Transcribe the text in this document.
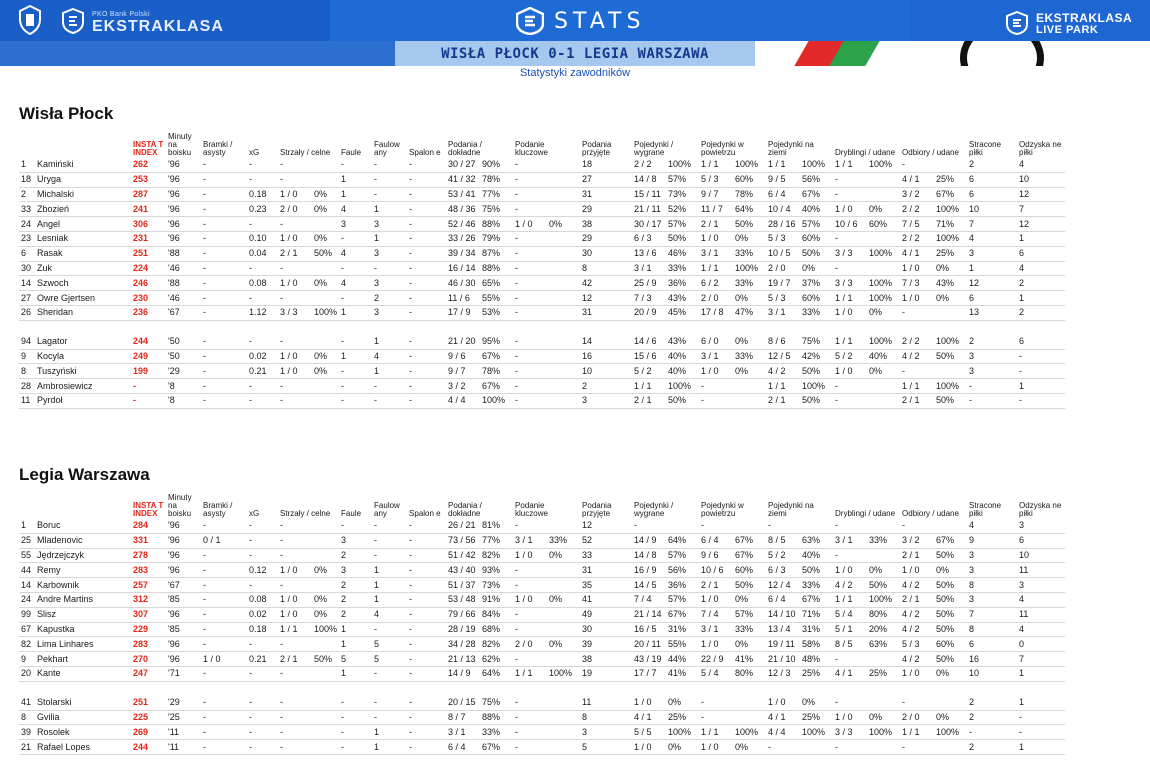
PKO Bank Polski
EKSTRAKLASA	STATS	EKSTRAKLASA
LIVE PARK
WISŁA PŁOCK 0-1 LEGIA WARSZAWA
Statystyki zawodników
Wisła Płock
		INSTA T INDEX	Minuty na boisku	Bramki / asysty	xG	Strzały / celne	Faule	Faulow any	Spalon e	Podania / dokładne	Podanie kluczowe	Podania przyjęte	Pojedynki / wygrane	Pojedynki w powietrzu	Pojedynki na ziemi	Dryblingi / udane	Odbiory / udane	Stracone piłki	Odzyska ne piłki
1	Kamiński	262	'96	-	-	-	-	-	-	30 / 27 90%	-	18	2 / 2 100%	1 / 1 100%	1 / 1 100%	1 / 1 100%	-	2	4
18	Uryga	253	'96	-	-	-	1	-	-	41 / 32 78%	-	27	14 / 8 57%	5 / 3 60%	9 / 5 56%	-	4 / 1 25%	6	10
2	Michalski	287	'96	-	0.18	1 / 0 0%	1	-	-	53 / 41 77%	-	31	15 / 11 73%	9 / 7 78%	6 / 4 67%	-	3 / 2 67%	6	12
33	Zbozień	241	'96	-	0.23	2 / 0 0%	4	1	-	48 / 36 75%	-	29	21 / 11 52%	11 / 7 64%	10 / 4 40%	1 / 0 0%	2 / 2 100%	10	7
24	Angel	306	'96	-	-	-	3	3	-	52 / 46 88%	1 / 0 0%	38	30 / 17 57%	2 / 1 50%	28 / 16 57%	10 / 6 60%	7 / 5 71%	7	12
23	Lesniak	231	'96	-	0.10	1 / 0 0%	-	1	-	33 / 26 79%	-	29	6 / 3 50%	1 / 0 0%	5 / 3 60%	-	2 / 2 100%	4	1
6	Rasak	251	'88	-	0.04	2 / 1 50%	4	3	-	39 / 34 87%	-	30	13 / 6 46%	3 / 1 33%	10 / 5 50%	3 / 3 100%	4 / 1 25%	3	6
30	Zuk	224	'46	-	-	-	-	-	-	16 / 14 88%	-	8	3 / 1 33%	1 / 1 100%	2 / 0 0%	-	1 / 0 0%	1	4
14	Szwoch	246	'88	-	0.08	1 / 0 0%	4	3	-	46 / 30 65%	-	42	25 / 9 36%	6 / 2 33%	19 / 7 37%	3 / 3 100%	7 / 3 43%	12	2
27	Owre Gjertsen	230	'46	-	-	-	-	2	-	11 / 6 55%	-	12	7 / 3 43%	2 / 0 0%	5 / 3 60%	1 / 1 100%	1 / 0 0%	6	1
26	Sheridan	236	'67	-	1.12	3 / 3 100%	1	3	-	17 / 9 53%	-	31	20 / 9 45%	17 / 8 47%	3 / 1 33%	1 / 0 0%	-	13	2

94	Lagator	244	'50	-	-	-	-	1	-	21 / 20 95%	-	14	14 / 6 43%	6 / 0 0%	8 / 6 75%	1 / 1 100%	2 / 2 100%	2	6
9	Kocyla	249	'50	-	0.02	1 / 0 0%	1	4	-	9 / 6 67%	-	16	15 / 6 40%	3 / 1 33%	12 / 5 42%	5 / 2 40%	4 / 2 50%	3	-
8	Tuszyński	199	'29	-	0.21	1 / 0 0%	-	1	-	9 / 7 78%	-	10	5 / 2 40%	1 / 0 0%	4 / 2 50%	1 / 0 0%	-	3	-
28	Ambrosiewicz	-	'8	-	-	-	-	-	-	3 / 2 67%	-	2	1 / 1 100%	-	1 / 1 100%	-	1 / 1 100%	-	1
11	Pyrdoł	-	'8	-	-	-	-	-	-	4 / 4 100%	-	3	2 / 1 50%	-	2 / 1 50%	-	2 / 1 50%	-	-
Legia Warszawa
		INSTA T INDEX	Minuty na boisku	Bramki / asysty	xG	Strzały / celne	Faule	Faulow any	Spalon e	Podania / dokładne	Podanie kluczowe	Podania przyjęte	Pojedynki / wygrane	Pojedynki w powietrzu	Pojedynki na ziemi	Dryblingi / udane	Odbiory / udane	Stracone piłki	Odzyska ne piłki
1	Boruc	284	'96	-	-	-	-	-	-	26 / 21 81%	-	12	-	-	-	-	-	4	3
25	Mladenovic	331	'96	0 / 1	-	-	3	-	-	73 / 56 77%	3 / 1 33%	52	14 / 9 64%	6 / 4 67%	8 / 5 63%	3 / 1 33%	3 / 2 67%	9	6
55	Jędrzejczyk	278	'96	-	-	-	2	-	-	51 / 42 82%	1 / 0 0%	33	14 / 8 57%	9 / 6 67%	5 / 2 40%	-	2 / 1 50%	3	10
44	Remy	283	'96	-	0.12	1 / 0 0%	3	1	-	43 / 40 93%	-	31	16 / 9 56%	10 / 6 60%	6 / 3 50%	1 / 0 0%	1 / 0 0%	3	11
14	Karbownik	257	'67	-	-	-	2	1	-	51 / 37 73%	-	35	14 / 5 36%	2 / 1 50%	12 / 4 33%	4 / 2 50%	4 / 2 50%	8	3
24	Andre Martins	312	'85	-	0.08	1 / 0 0%	2	1	-	53 / 48 91%	1 / 0 0%	41	7 / 4 57%	1 / 0 0%	6 / 4 67%	1 / 1 100%	2 / 1 50%	3	4
99	Slisz	307	'96	-	0.02	1 / 0 0%	2	4	-	79 / 66 84%	-	49	21 / 14 67%	7 / 4 57%	14 / 10 71%	5 / 4 80%	4 / 2 50%	7	11
67	Kapustka	229	'85	-	0.18	1 / 1 100%	1	-	-	28 / 19 68%	-	30	16 / 5 31%	3 / 1 33%	13 / 4 31%	5 / 1 20%	4 / 2 50%	8	4
82	Lima Linhares	283	'96	-	-	-	1	5	-	34 / 28 82%	2 / 0 0%	39	20 / 11 55%	1 / 0 0%	19 / 11 58%	8 / 5 63%	5 / 3 60%	6	0
9	Pekhart	270	'96	1 / 0	0.21	2 / 1 50%	5	5	-	21 / 13 62%	-	38	43 / 19 44%	22 / 9 41%	21 / 10 48%	-	4 / 2 50%	16	7
20	Kante	247	'71	-	-	-	1	-	-	14 / 9 64%	1 / 1 100%	19	17 / 7 41%	5 / 4 80%	12 / 3 25%	4 / 1 25%	1 / 0 0%	10	1

41	Stolarski	251	'29	-	-	-	-	-	-	20 / 15 75%	-	11	1 / 0 0%	-	1 / 0 0%	-	-	2	1
8	Gvilia	225	'25	-	-	-	-	-	-	8 / 7 88%	-	8	4 / 1 25%	-	4 / 1 25%	1 / 0 0%	2 / 0 0%	2	-
39	Rosolek	269	'11	-	-	-	-	1	-	3 / 1 33%	-	3	5 / 5 100%	1 / 1 100%	4 / 4 100%	3 / 3 100%	1 / 1 100%	-	-
21	Rafael Lopes	244	'11	-	-	-	-	1	-	6 / 4 67%	-	5	1 / 0 0%	1 / 0 0%	-	-	-	2	1
